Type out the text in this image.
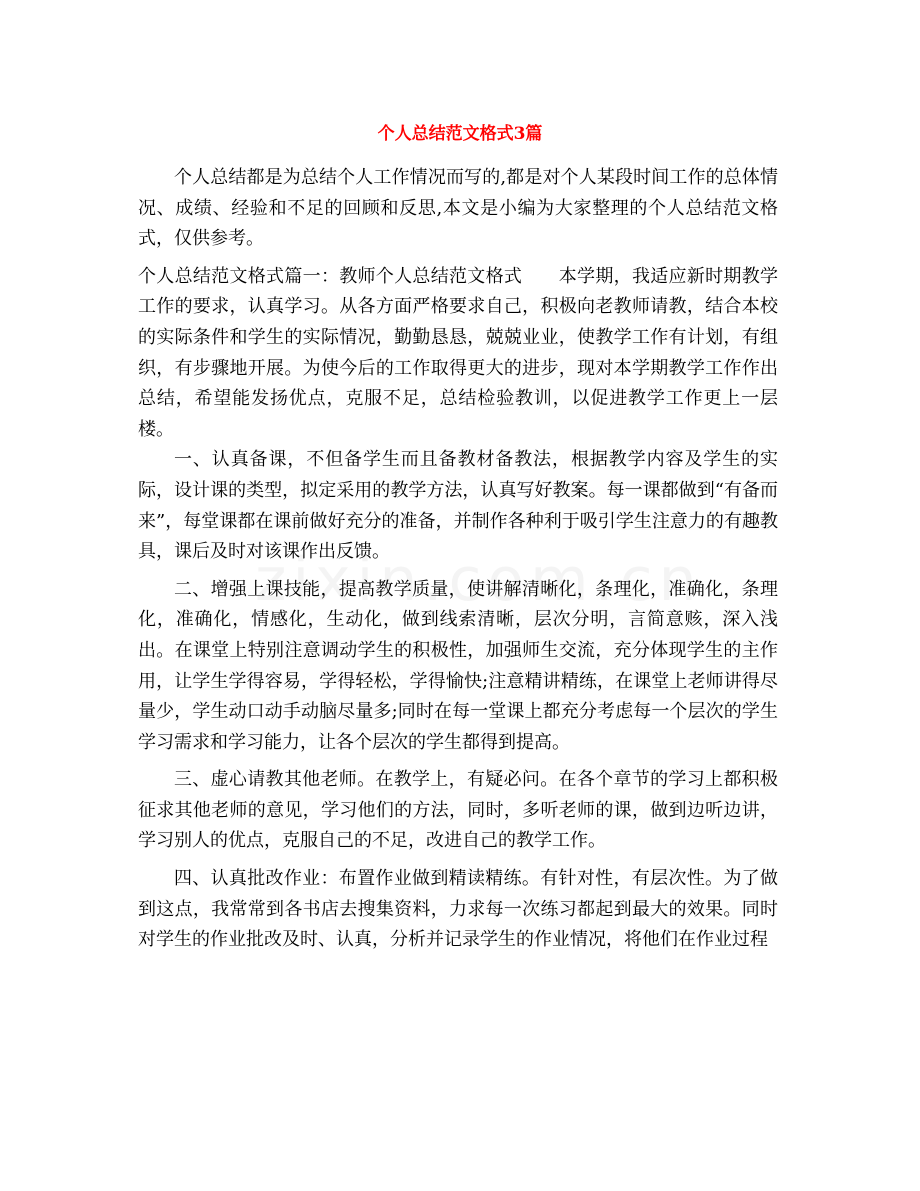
个人总结范文格式3篇

个人总结都是为总结个人工作情况而写的,都是对个人某段时间工作的总体情况、成绩、经验和不足的回顾和反思,本文是小编为大家整理的个人总结范文格式，仅供参考。

个人总结范文格式篇一：教师个人总结范文格式　　本学期，我适应新时期教学工作的要求，认真学习。从各方面严格要求自己，积极向老教师请教，结合本校的实际条件和学生的实际情况，勤勤恳恳，兢兢业业，使教学工作有计划，有组织，有步骤地开展。为使今后的工作取得更大的进步，现对本学期教学工作作出总结，希望能发扬优点，克服不足，总结检验教训，以促进教学工作更上一层楼。

一、认真备课，不但备学生而且备教材备教法，根据教学内容及学生的实际，设计课的类型，拟定采用的教学方法，认真写好教案。每一课都做到“有备而来”，每堂课都在课前做好充分的准备，并制作各种利于吸引学生注意力的有趣教具，课后及时对该课作出反馈。

二、增强上课技能，提高教学质量，使讲解清晰化，条理化，准确化，条理化，准确化，情感化，生动化，做到线索清晰，层次分明，言简意赅，深入浅出。在课堂上特别注意调动学生的积极性，加强师生交流，充分体现学生的主作用，让学生学得容易，学得轻松，学得愉快;注意精讲精练，在课堂上老师讲得尽量少，学生动口动手动脑尽量多;同时在每一堂课上都充分考虑每一个层次的学生学习需求和学习能力，让各个层次的学生都得到提高。

三、虚心请教其他老师。在教学上，有疑必问。在各个章节的学习上都积极征求其他老师的意见，学习他们的方法，同时，多听老师的课，做到边听边讲，学习别人的优点，克服自己的不足，改进自己的教学工作。

四、认真批改作业：布置作业做到精读精练。有针对性，有层次性。为了做到这点，我常常到各书店去搜集资料，力求每一次练习都起到最大的效果。同时对学生的作业批改及时、认真，分析并记录学生的作业情况，将他们在作业过程
